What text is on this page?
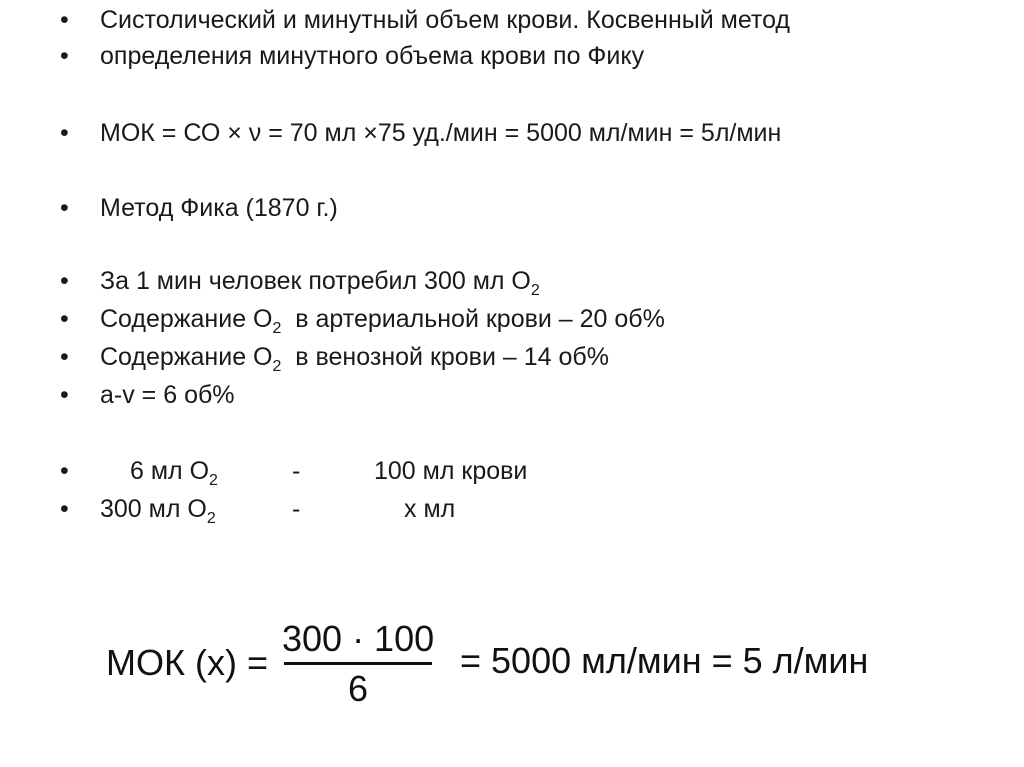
•	Систолический и минутный объем крови. Косвенный метод
•	определения минутного объема крови по Фику
•	МОК = СО × ν = 70 мл ×75 уд./мин = 5000 мл/мин = 5л/мин
•	Метод Фика (1870 г.)
•	За 1 мин человек потребил 300 мл $О_2$
•	Содержание $О_2$  в артериальной крови – 20 об%
•	Содержание $О_2$  в венозной крови – 14 об%
•	a-v = 6 об%
•	6 мл $О_2$	-	100 мл крови
•	300 мл $О_2$	-	x мл
МОК (x) =
300 · 100
6
= 5000 мл/мин = 5 л/мин
